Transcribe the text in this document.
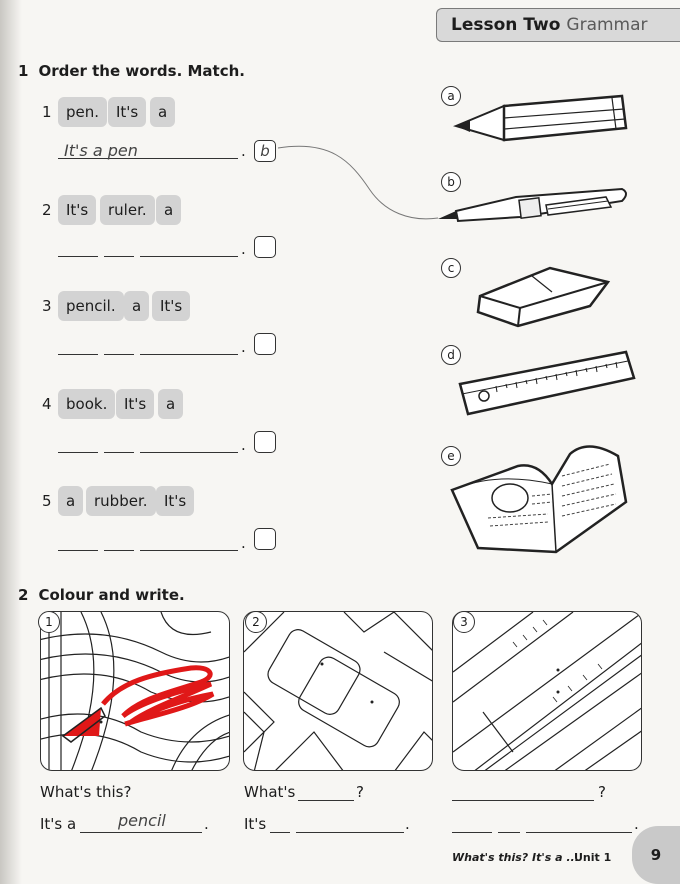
Lesson Two Grammar
1 Order the words. Match.
1 pen.	It's	a
It's a pen	. b
2 It's	ruler.	a
.
3 pencil.	a	It's
.
4 book.	It's	a
.
5 a	rubber.	It's
.
a
b
c
d
e
2 Colour and write.
1
What's this?
It's a	pencil	.
2
What's	?
It's	.
3
?
.
What's this? It's a ...
Unit 1	9
